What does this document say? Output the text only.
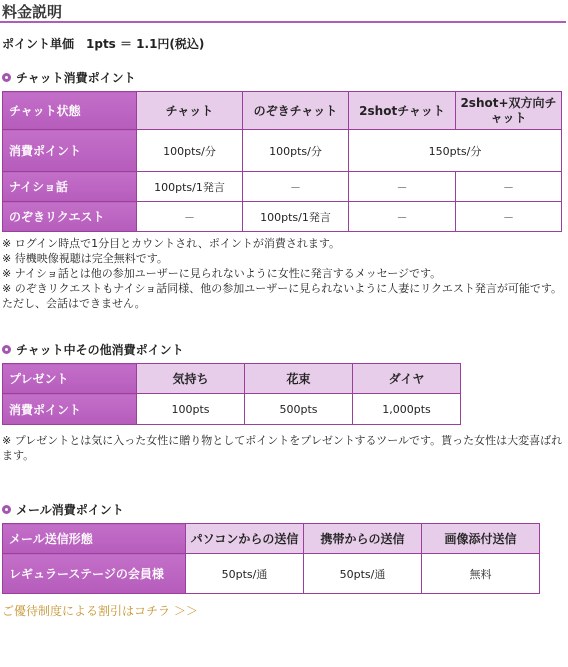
料金説明
ポイント単価　1pts ＝ 1.1円(税込)
チャット消費ポイント
チャット状態	チャット	のぞきチャット	2shotチャット	2shot+双方向チャット
消費ポイント	100pts/分	100pts/分	150pts/分	
ナイショ話	100pts/1発言	－	－	－
のぞきリクエスト	－	100pts/1発言	－	－
※ ログイン時点で1分目とカウントされ、ポイントが消費されます。
※ 待機映像視聴は完全無料です。
※ ナイショ話とは他の参加ユーザーに見られないように女性に発言するメッセージです。
※ のぞきリクエストもナイショ話同様、他の参加ユーザーに見られないように人妻にリクエスト発言が可能です。ただし、会話はできません。
チャット中その他消費ポイント
プレゼント	気持ち	花束	ダイヤ
消費ポイント	100pts	500pts	1,000pts
※ プレゼントとは気に入った女性に贈り物としてポイントをプレゼントするツールです。貰った女性は大変喜ばれます。
メール消費ポイント
メール送信形態	パソコンからの送信	携帯からの送信	画像添付送信
レギュラーステージの会員様	50pts/通	50pts/通	無料
ご優待制度による割引はコチラ ＞＞
